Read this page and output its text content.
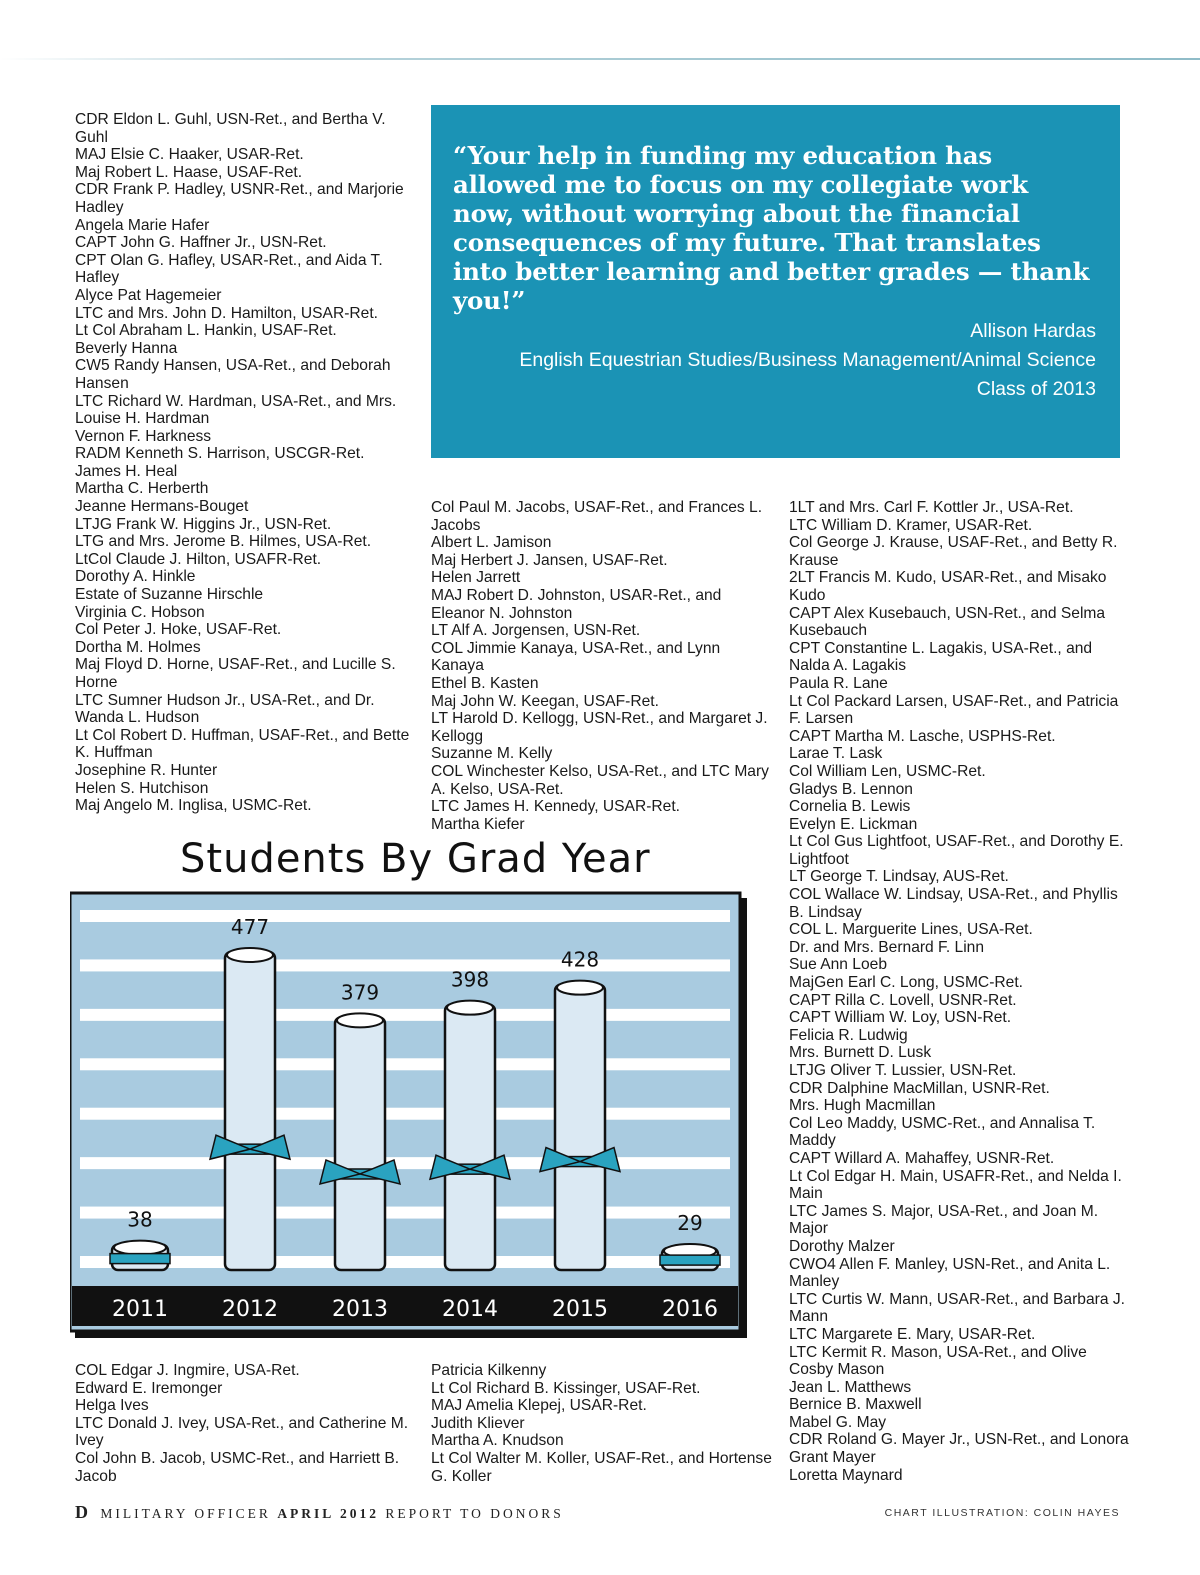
CDR Eldon L. Guhl, USN-Ret., and Bertha V. Guhl
MAJ Elsie C. Haaker, USAR-Ret.
Maj Robert L. Haase, USAF-Ret.
CDR Frank P. Hadley, USNR-Ret., and Marjorie Hadley
Angela Marie Hafer
CAPT John G. Haffner Jr., USN-Ret.
CPT Olan G. Hafley, USAR-Ret., and Aida T. Hafley
Alyce Pat Hagemeier
LTC and Mrs. John D. Hamilton, USAR-Ret.
Lt Col Abraham L. Hankin, USAF-Ret.
Beverly Hanna
CW5 Randy Hansen, USA-Ret., and Deborah Hansen
LTC Richard W. Hardman, USA-Ret., and Mrs. Louise H. Hardman
Vernon F. Harkness
RADM Kenneth S. Harrison, USCGR-Ret.
James H. Heal
Martha C. Herberth
Jeanne Hermans-Bouget
LTJG Frank W. Higgins Jr., USN-Ret.
LTG and Mrs. Jerome B. Hilmes, USA-Ret.
LtCol Claude J. Hilton, USAFR-Ret.
Dorothy A. Hinkle
Estate of Suzanne Hirschle
Virginia C. Hobson
Col Peter J. Hoke, USAF-Ret.
Dortha M. Holmes
Maj Floyd D. Horne, USAF-Ret., and Lucille S. Horne
LTC Sumner Hudson Jr., USA-Ret., and Dr. Wanda L. Hudson
Lt Col Robert D. Huffman, USAF-Ret., and Bette K. Huffman
Josephine R. Hunter
Helen S. Hutchison
Maj Angelo M. Inglisa, USMC-Ret.

“Your help in funding my education has allowed me to focus on my collegiate work now, without worrying about the financial consequences of my future. That translates into better learning and better grades — thank you!”

Allison Hardas
English Equestrian Studies/Business Management/Animal Science
Class of 2013
Col Paul M. Jacobs, USAF-Ret., and Frances L. Jacobs
Albert L. Jamison
Maj Herbert J. Jansen, USAF-Ret.
Helen Jarrett
MAJ Robert D. Johnston, USAR-Ret., and Eleanor N. Johnston
LT Alf A. Jorgensen, USN-Ret.
COL Jimmie Kanaya, USA-Ret., and Lynn Kanaya
Ethel B. Kasten
Maj John W. Keegan, USAF-Ret.
LT Harold D. Kellogg, USN-Ret., and Margaret J. Kellogg
Suzanne M. Kelly
COL Winchester Kelso, USA-Ret., and LTC Mary A. Kelso, USA-Ret.
LTC James H. Kennedy, USAR-Ret.
Martha Kiefer
1LT and Mrs. Carl F. Kottler Jr., USA-Ret.
LTC William D. Kramer, USAR-Ret.
Col George J. Krause, USAF-Ret., and Betty R. Krause
2LT Francis M. Kudo, USAR-Ret., and Misako Kudo
CAPT Alex Kusebauch, USN-Ret., and Selma Kusebauch
CPT Constantine L. Lagakis, USA-Ret., and Nalda A. Lagakis
Paula R. Lane
Lt Col Packard Larsen, USAF-Ret., and Patricia F. Larsen
CAPT Martha M. Lasche, USPHS-Ret.
Larae T. Lask
Col William Len, USMC-Ret.
Gladys B. Lennon
Cornelia B. Lewis
Evelyn E. Lickman
Lt Col Gus Lightfoot, USAF-Ret., and Dorothy E. Lightfoot
LT George T. Lindsay, AUS-Ret.
COL Wallace W. Lindsay, USA-Ret., and Phyllis B. Lindsay
COL L. Marguerite Lines, USA-Ret.
Dr. and Mrs. Bernard F. Linn
Sue Ann Loeb
MajGen Earl C. Long, USMC-Ret.
CAPT Rilla C. Lovell, USNR-Ret.
CAPT William W. Loy, USN-Ret.
Felicia R. Ludwig
Mrs. Burnett D. Lusk
LTJG Oliver T. Lussier, USN-Ret.
CDR Dalphine MacMillan, USNR-Ret.
Mrs. Hugh Macmillan
Col Leo Maddy, USMC-Ret., and Annalisa T. Maddy
CAPT Willard A. Mahaffey, USNR-Ret.
Lt Col Edgar H. Main, USAFR-Ret., and Nelda I. Main
LTC James S. Major, USA-Ret., and Joan M. Major
Dorothy Malzer
CWO4 Allen F. Manley, USN-Ret., and Anita L. Manley
LTC Curtis W. Mann, USAR-Ret., and Barbara J. Mann
LTC Margarete E. Mary, USAR-Ret.
LTC Kermit R. Mason, USA-Ret., and Olive Cosby Mason
Jean L. Matthews
Bernice B. Maxwell
Mabel G. May
CDR Roland G. Mayer Jr., USN-Ret., and Lonora Grant Mayer
Loretta Maynard
Students By Grad Year
38
2011
477
2012
379
2013
398
2014
428
2015
29
2016
COL Edgar J. Ingmire, USA-Ret.
Edward E. Iremonger
Helga Ives
LTC Donald J. Ivey, USA-Ret., and Catherine M. Ivey
Col John B. Jacob, USMC-Ret., and Harriett B. Jacob
Patricia Kilkenny
Lt Col Richard B. Kissinger, USAF-Ret.
MAJ Amelia Klepej, USAR-Ret.
Judith Kliever
Martha A. Knudson
Lt Col Walter M. Koller, USAF-Ret., and Hortense G. Koller
D MILITARY OFFICER APRIL 2012 REPORT TO DONORS	CHART ILLUSTRATION: COLIN HAYES
